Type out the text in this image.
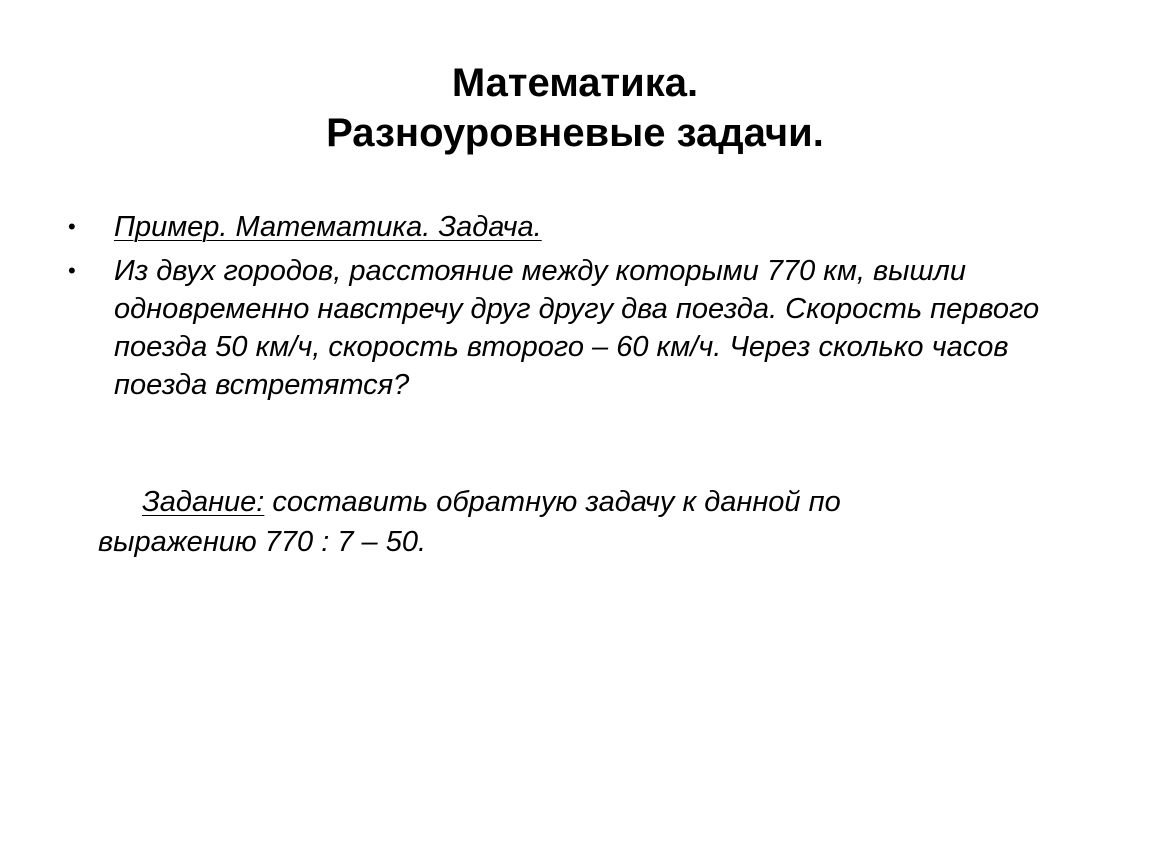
Математика.
Разноуровневые задачи.
• Пример. Математика. Задача.
• Из двух городов, расстояние между которыми 770 км, вышли одновременно навстречу друг другу два поезда. Скорость первого поезда 50 км/ч, скорость второго – 60 км/ч. Через сколько часов поезда встретятся?
Задание: составить обратную задачу к данной по выражению 770 : 7 – 50.
